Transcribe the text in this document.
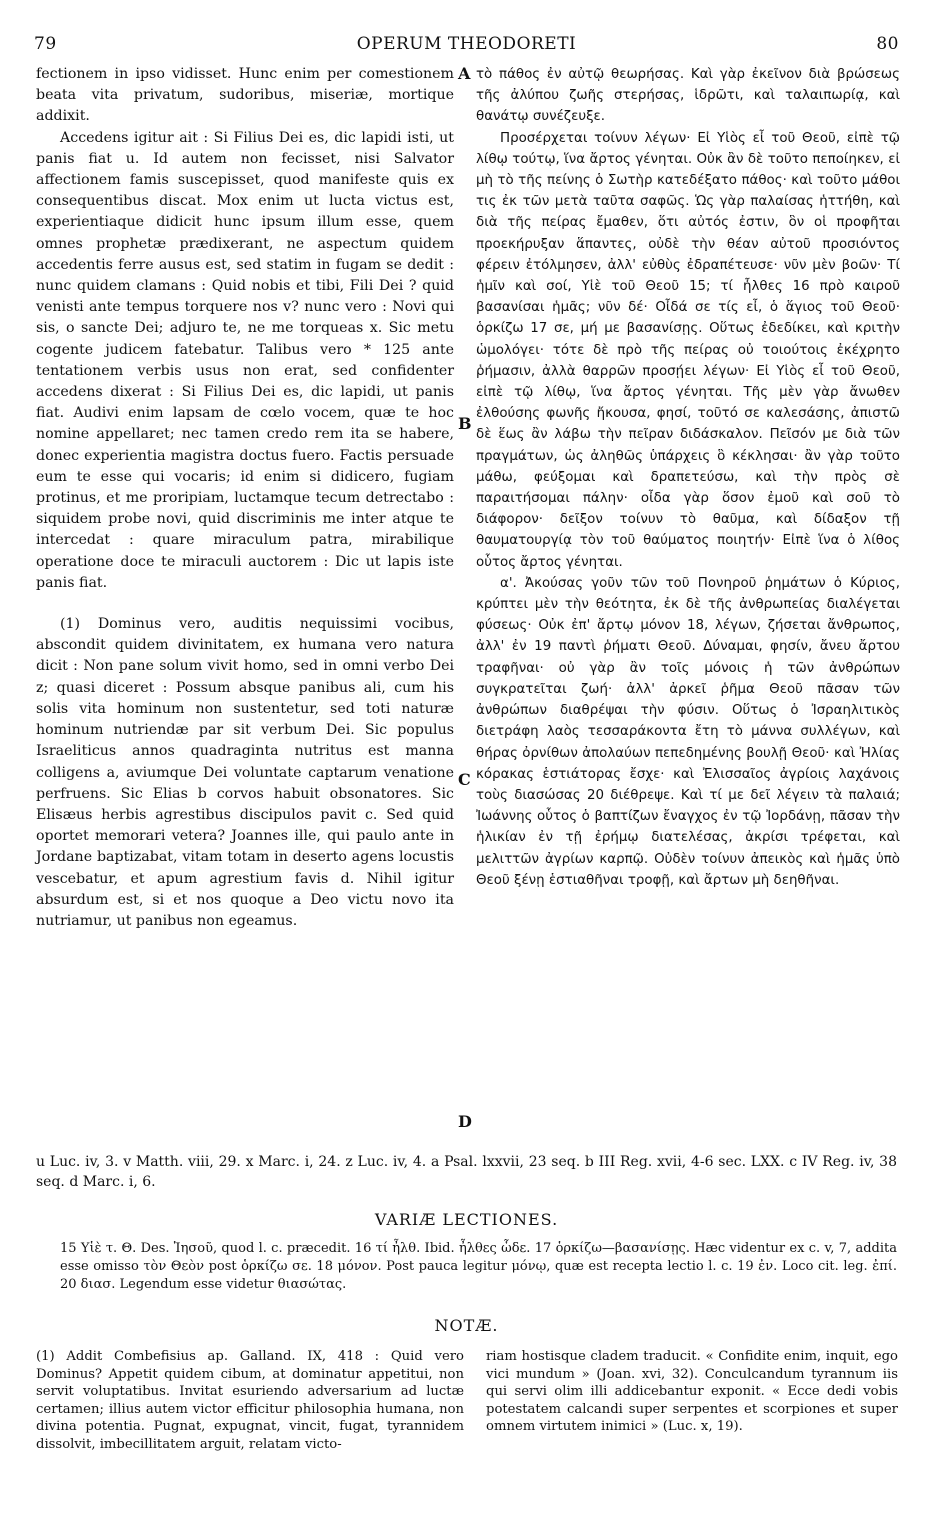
79	OPERUM THEODORETI	80

fectionem in ipso vidisset. Hunc enim per comestionem beata vita privatum, sudoribus, miseriæ, mortique addixit.

Accedens igitur ait : Si Filius Dei es, dic lapidi isti, ut panis fiat u. Id autem non fecisset, nisi Salvator affectionem famis suscepisset, quod manifeste quis ex consequentibus discat. Mox enim ut lucta victus est, experientiaque didicit hunc ipsum illum esse, quem omnes prophetæ prædixerant, ne aspectum quidem accedentis ferre ausus est, sed statim in fugam se dedit : nunc quidem clamans : Quid nobis et tibi, Fili Dei ? quid venisti ante tempus torquere nos v? nunc vero : Novi qui sis, o sancte Dei; adjuro te, ne me torqueas x. Sic metu cogente judicem fatebatur. Talibus vero * 125 ante tentationem verbis usus non erat, sed confidenter accedens dixerat : Si Filius Dei es, dic lapidi, ut panis fiat. Audivi enim lapsam de cœlo vocem, quæ te hoc nomine appellaret; nec tamen credo rem ita se habere, donec experientia magistra doctus fuero. Factis persuade eum te esse qui vocaris; id enim si didicero, fugiam protinus, et me proripiam, luctamque tecum detrectabo : siquidem probe novi, quid discriminis me inter atque te intercedat : quare miraculum patra, mirabilique operatione doce te miraculi auctorem : Dic ut lapis iste panis fiat.

(1) Dominus vero, auditis nequissimi vocibus, abscondit quidem divinitatem, ex humana vero natura dicit : Non pane solum vivit homo, sed in omni verbo Dei z; quasi diceret : Possum absque panibus ali, cum his solis vita hominum non sustentetur, sed toti naturæ hominum nutriendæ par sit verbum Dei. Sic populus Israeliticus annos quadraginta nutritus est manna colligens a, aviumque Dei voluntate captarum venatione perfruens. Sic Elias b corvos habuit obsonatores. Sic Elisæus herbis agrestibus discipulos pavit c. Sed quid oportet memorari vetera? Joannes ille, qui paulo ante in Jordane baptizabat, vitam totam in deserto agens locustis vescebatur, et apum agrestium favis d. Nihil igitur absurdum est, si et nos quoque a Deo victu novo ita nutriamur, ut panibus non egeamus.

A
B
C
D

τὸ πάθος ἐν αὐτῷ θεωρήσας. Καὶ γὰρ ἐκεῖνον διὰ βρώσεως τῆς ἀλύπου ζωῆς στερήσας, ἱδρῶτι, καὶ ταλαιπωρίᾳ, καὶ θανάτῳ συνέζευξε.

Προσέρχεται τοίνυν λέγων· Εἰ Υἱὸς εἶ τοῦ Θεοῦ, εἰπὲ τῷ λίθῳ τούτῳ, ἵνα ἄρτος γένηται. Οὐκ ἂν δὲ τοῦτο πεποίηκεν, εἰ μὴ τὸ τῆς πείνης ὁ Σωτὴρ κατεδέξατο πάθος· καὶ τοῦτο μάθοι τις ἐκ τῶν μετὰ ταῦτα σαφῶς. Ὡς γὰρ παλαίσας ἡττήθη, καὶ διὰ τῆς πείρας ἔμαθεν, ὅτι αὐτός ἐστιν, ὃν οἱ προφῆται προεκήρυξαν ἅπαντες, οὐδὲ τὴν θέαν αὐτοῦ προσιόντος φέρειν ἐτόλμησεν, ἀλλ' εὐθὺς ἐδραπέτευσε· νῦν μὲν βοῶν· Τί ἡμῖν καὶ σοί, Υἱὲ τοῦ Θεοῦ 15; τί ἦλθες 16 πρὸ καιροῦ βασανίσαι ἡμᾶς; νῦν δέ· Οἶδά σε τίς εἶ, ὁ ἅγιος τοῦ Θεοῦ· ὁρκίζω 17 σε, μή με βασανίσῃς. Οὕτως ἐδεδίκει, καὶ κριτὴν ὡμολόγει· τότε δὲ πρὸ τῆς πείρας οὐ τοιούτοις ἐκέχρητο ῥήμασιν, ἀλλὰ θαρρῶν προσῄει λέγων· Εἰ Υἱὸς εἶ τοῦ Θεοῦ, εἰπὲ τῷ λίθῳ, ἵνα ἄρτος γένηται. Τῆς μὲν γὰρ ἄνωθεν ἐλθούσης φωνῆς ἤκουσα, φησί, τοῦτό σε καλεσάσης, ἀπιστῶ δὲ ἕως ἂν λάβω τὴν πεῖραν διδάσκαλον. Πεῖσόν με διὰ τῶν πραγμάτων, ὡς ἀληθῶς ὑπάρχεις ὃ κέκλησαι· ἂν γὰρ τοῦτο μάθω, φεύξομαι καὶ δραπετεύσω, καὶ τὴν πρὸς σὲ παραιτήσομαι πάλην· οἶδα γὰρ ὅσον ἐμοῦ καὶ σοῦ τὸ διάφορον· δεῖξον τοίνυν τὸ θαῦμα, καὶ δίδαξον τῇ θαυματουργίᾳ τὸν τοῦ θαύματος ποιητήν· Εἰπὲ ἵνα ὁ λίθος οὗτος ἄρτος γένηται.

α'. Ἀκούσας γοῦν τῶν τοῦ Πονηροῦ ῥημάτων ὁ Κύριος, κρύπτει μὲν τὴν θεότητα, ἐκ δὲ τῆς ἀνθρωπείας διαλέγεται φύσεως· Οὐκ ἐπ' ἄρτῳ μόνον 18, λέγων, ζήσεται ἄνθρωπος, ἀλλ' ἐν 19 παντὶ ῥήματι Θεοῦ. Δύναμαι, φησίν, ἄνευ ἄρτου τραφῆναι· οὐ γὰρ ἂν τοῖς μόνοις ἡ τῶν ἀνθρώπων συγκρατεῖται ζωή· ἀλλ' ἀρκεῖ ῥῆμα Θεοῦ πᾶσαν τῶν ἀνθρώπων διαθρέψαι τὴν φύσιν. Οὕτως ὁ Ἰσραηλιτικὸς διετράφη λαὸς τεσσαράκοντα ἔτη τὸ μάννα συλλέγων, καὶ θήρας ὀρνίθων ἀπολαύων πεπεδημένης βουλῇ Θεοῦ· καὶ Ἠλίας κόρακας ἑστιάτορας ἔσχε· καὶ Ἐλισσαῖος ἀγρίοις λαχάνοις τοὺς διασώσας 20 διέθρεψε. Καὶ τί με δεῖ λέγειν τὰ παλαιά; Ἰωάννης οὗτος ὁ βαπτίζων ἔναγχος ἐν τῷ Ἰορδάνῃ, πᾶσαν τὴν ἡλικίαν ἐν τῇ ἐρήμῳ διατελέσας, ἀκρίσι τρέφεται, καὶ μελιττῶν ἀγρίων καρπῷ. Οὐδὲν τοίνυν ἀπεικὸς καὶ ἡμᾶς ὑπὸ Θεοῦ ξένῃ ἑστιαθῆναι τροφῇ, καὶ ἄρτων μὴ δεηθῆναι.

u Luc. iv, 3. v Matth. viii, 29. x Marc. i, 24. z Luc. iv, 4. a Psal. lxxvii, 23 seq. b III Reg. xvii, 4-6 sec. LXX. c IV Reg. iv, 38 seq. d Marc. i, 6.
VARIÆ LECTIONES.
15 Υἱὲ τ. Θ. Des. Ἰησοῦ, quod l. c. præcedit. 16 τί ἦλθ. Ibid. ἦλθες ὧδε. 17 ὁρκίζω—βασανίσῃς. Hæc videntur ex c. v, 7, addita esse omisso τὸν Θεὸν post ὁρκίζω σε. 18 μόνον. Post pauca legitur μόνῳ, quæ est recepta lectio l. c. 19 ἐν. Loco cit. leg. ἐπί. 20 διασ. Legendum esse videtur θιασώτας.
NOTÆ.
(1) Addit Combefisius ap. Galland. IX, 418 : Quid vero Dominus? Appetit quidem cibum, at dominatur appetitui, non servit voluptatibus. Invitat esuriendo adversarium ad luctæ certamen; illius autem victor efficitur philosophia humana, non divina potentia. Pugnat, expugnat, vincit, fugat, tyrannidem dissolvit, imbecillitatem arguit, relatam victo-
riam hostisque cladem traducit. « Confidite enim, inquit, ego vici mundum » (Joan. xvi, 32). Conculcandum tyrannum iis qui servi olim illi addicebantur exponit. « Ecce dedi vobis potestatem calcandi super serpentes et scorpiones et super omnem virtutem inimici » (Luc. x, 19).
